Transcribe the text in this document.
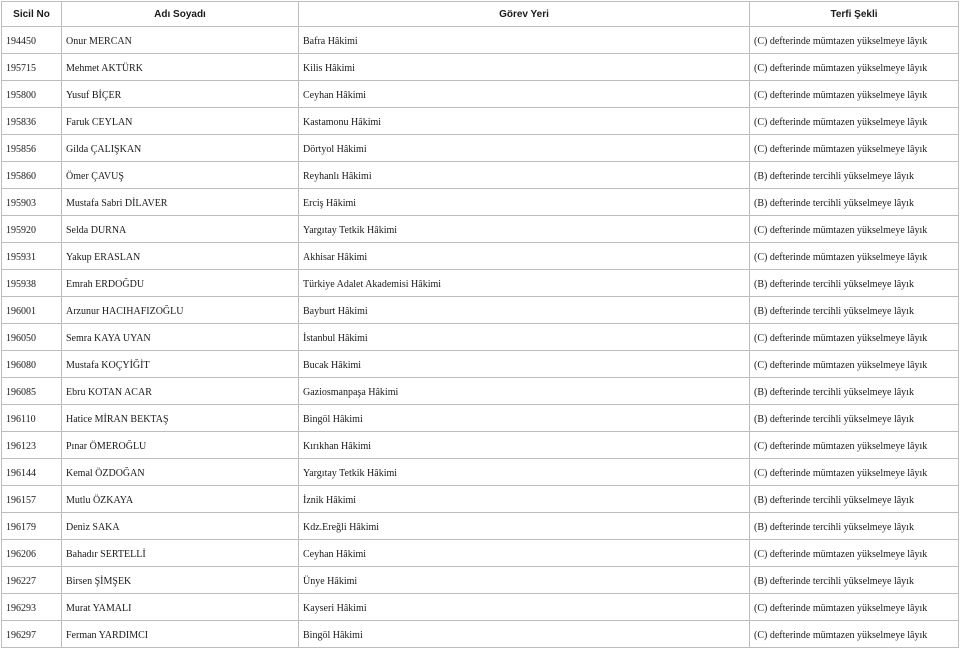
Sicil No	Adı Soyadı	Görev Yeri	Terfi Şekli
194450	Onur MERCAN	Bafra Hâkimi	(C) defterinde mümtazen yükselmeye lâyık
195715	Mehmet AKTÜRK	Kilis Hâkimi	(C) defterinde mümtazen yükselmeye lâyık
195800	Yusuf BİÇER	Ceyhan Hâkimi	(C) defterinde mümtazen yükselmeye lâyık
195836	Faruk CEYLAN	Kastamonu Hâkimi	(C) defterinde mümtazen yükselmeye lâyık
195856	Gilda ÇALIŞKAN	Dörtyol Hâkimi	(C) defterinde mümtazen yükselmeye lâyık
195860	Ömer ÇAVUŞ	Reyhanlı Hâkimi	(B) defterinde tercihli yükselmeye lâyık
195903	Mustafa Sabri DİLAVER	Erciş Hâkimi	(B) defterinde tercihli yükselmeye lâyık
195920	Selda DURNA	Yargıtay Tetkik Hâkimi	(C) defterinde mümtazen yükselmeye lâyık
195931	Yakup ERASLAN	Akhisar Hâkimi	(C) defterinde mümtazen yükselmeye lâyık
195938	Emrah ERDOĞDU	Türkiye Adalet Akademisi Hâkimi	(B) defterinde tercihli yükselmeye lâyık
196001	Arzunur HACIHAFIZOĞLU	Bayburt Hâkimi	(B) defterinde tercihli yükselmeye lâyık
196050	Semra KAYA UYAN	İstanbul Hâkimi	(C) defterinde mümtazen yükselmeye lâyık
196080	Mustafa KOÇYİĞİT	Bucak Hâkimi	(C) defterinde mümtazen yükselmeye lâyık
196085	Ebru KOTAN ACAR	Gaziosmanpaşa Hâkimi	(B) defterinde tercihli yükselmeye lâyık
196110	Hatice MİRAN BEKTAŞ	Bingöl Hâkimi	(B) defterinde tercihli yükselmeye lâyık
196123	Pınar ÖMEROĞLU	Kırıkhan Hâkimi	(C) defterinde mümtazen yükselmeye lâyık
196144	Kemal ÖZDOĞAN	Yargıtay Tetkik Hâkimi	(C) defterinde mümtazen yükselmeye lâyık
196157	Mutlu ÖZKAYA	İznik Hâkimi	(B) defterinde tercihli yükselmeye lâyık
196179	Deniz SAKA	Kdz.Ereğli Hâkimi	(B) defterinde tercihli yükselmeye lâyık
196206	Bahadır SERTELLİ	Ceyhan Hâkimi	(C) defterinde mümtazen yükselmeye lâyık
196227	Birsen ŞİMŞEK	Ünye Hâkimi	(B) defterinde tercihli yükselmeye lâyık
196293	Murat YAMALI	Kayseri Hâkimi	(C) defterinde mümtazen yükselmeye lâyık
196297	Ferman YARDIMCI	Bingöl Hâkimi	(C) defterinde mümtazen yükselmeye lâyık
